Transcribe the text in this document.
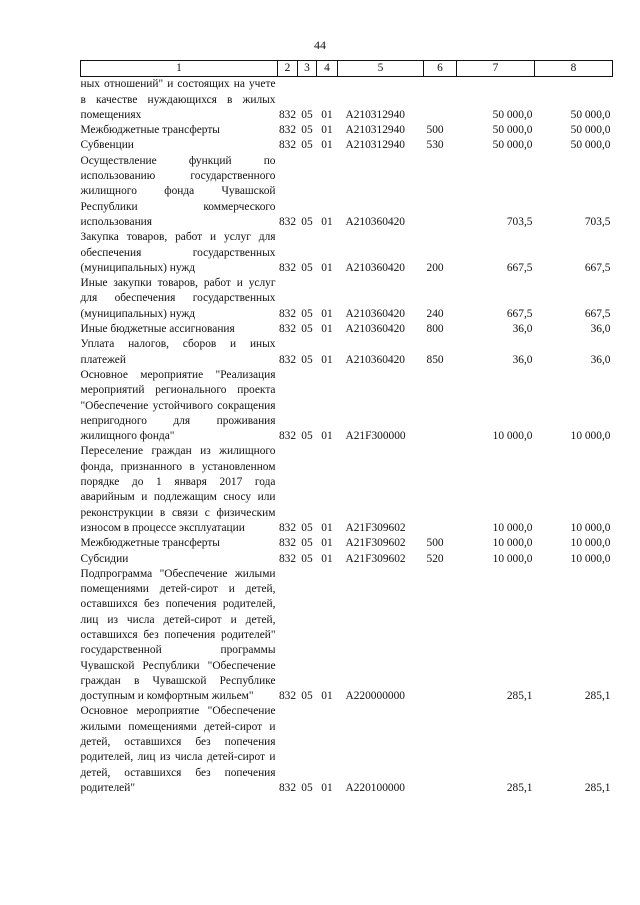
44
1	2	3	4	5	6	7	8
ных отношений" и состоящих на учете в качестве нуждающихся в жилых помещениях	832	05	01	А210312940		50 000,0	50 000,0
Межбюджетные трансферты	832	05	01	А210312940	500	50 000,0	50 000,0
Субвенции	832	05	01	А210312940	530	50 000,0	50 000,0
Осуществление функций по использованию государственного жилищного фонда Чувашской Республики коммерческого использования	832	05	01	А210360420		703,5	703,5
Закупка товаров, работ и услуг для обеспечения государственных (муниципальных) нужд	832	05	01	А210360420	200	667,5	667,5
Иные закупки товаров, работ и услуг для обеспечения государственных (муниципальных) нужд	832	05	01	А210360420	240	667,5	667,5
Иные бюджетные ассигнования	832	05	01	А210360420	800	36,0	36,0
Уплата налогов, сборов и иных платежей	832	05	01	А210360420	850	36,0	36,0
Основное мероприятие "Реализация мероприятий регионального проекта "Обеспечение устойчивого сокращения непригодного для проживания жилищного фонда"	832	05	01	А21F300000		10 000,0	10 000,0
Переселение граждан из жилищного фонда, признанного в установленном порядке до 1 января 2017 года аварийным и подлежащим сносу или реконструкции в связи с физическим износом в процессе эксплуатации	832	05	01	А21F309602		10 000,0	10 000,0
Межбюджетные трансферты	832	05	01	А21F309602	500	10 000,0	10 000,0
Субсидии	832	05	01	А21F309602	520	10 000,0	10 000,0
Подпрограмма "Обеспечение жилыми помещениями детей-сирот и детей, оставшихся без попечения родителей, лиц из числа детей-сирот и детей, оставшихся без попечения родителей" государственной программы Чувашской Республики "Обеспечение граждан в Чувашской Республике доступным и комфортным жильем"	832	05	01	А220000000		285,1	285,1
Основное мероприятие "Обеспечение жилыми помещениями детей-сирот и детей, оставшихся без попечения родителей, лиц из числа детей-сирот и детей, оставшихся без попечения родителей"	832	05	01	А220100000		285,1	285,1
